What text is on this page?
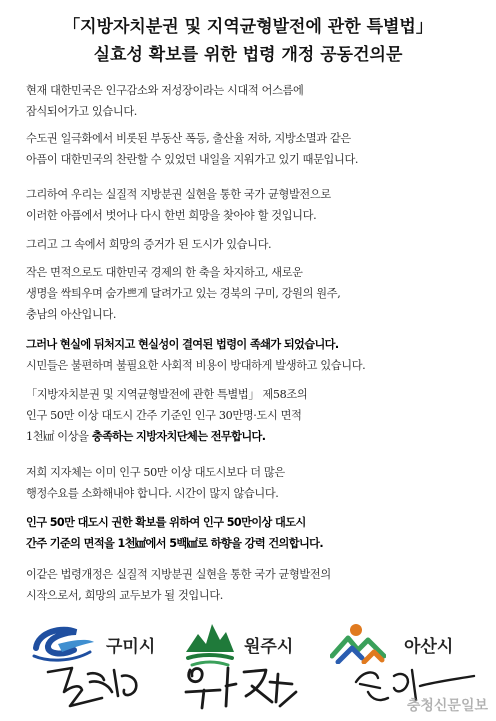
「지방자치분권 및 지역균형발전에 관한 특별법」
실효성 확보를 위한 법령 개정 공동건의문
현재 대한민국은 인구감소와 저성장이라는 시대적 어스름에
잠식되어가고 있습니다.
수도권 일극화에서 비롯된 부동산 폭등, 출산율 저하, 지방소멸과 같은
아픔이 대한민국의 찬란할 수 있었던 내일을 지워가고 있기 때문입니다.
그리하여 우리는 실질적 지방분권 실현을 통한 국가 균형발전으로
이러한 아픔에서 벗어나 다시 한번 희망을 찾아야 할 것입니다.
그리고 그 속에서 희망의 증거가 된 도시가 있습니다.
작은 면적으로도 대한민국 경제의 한 축을 차지하고, 새로운
생명을 싹틔우며 숨가쁘게 달려가고 있는 경북의 구미, 강원의 원주,
충남의 아산입니다.
그러나 현실에 뒤처지고 현실성이 결여된 법령이 족쇄가 되었습니다.
시민들은 불편하며 불필요한 사회적 비용이 방대하게 발생하고 있습니다.
「지방자치분권 및 지역균형발전에 관한 특별법」 제58조의
인구 50만 이상 대도시 간주 기준인 인구 30만명·도시 면적
1천㎢ 이상을 충족하는 지방자치단체는 전무합니다.
저희 지자체는 이미 인구 50만 이상 대도시보다 더 많은
행정수요를 소화해내야 합니다. 시간이 많지 않습니다.
인구 50만 대도시 권한 확보를 위하여 인구 50만이상 대도시
간주 기준의 면적을 1천㎢에서 5백㎢로 하향을 강력 건의합니다.
이같은 법령개정은 실질적 지방분권 실현을 통한 국가 균형발전의
시작으로서, 희망의 교두보가 될 것입니다.
구미시	원주시	아산시
충청신문일보
